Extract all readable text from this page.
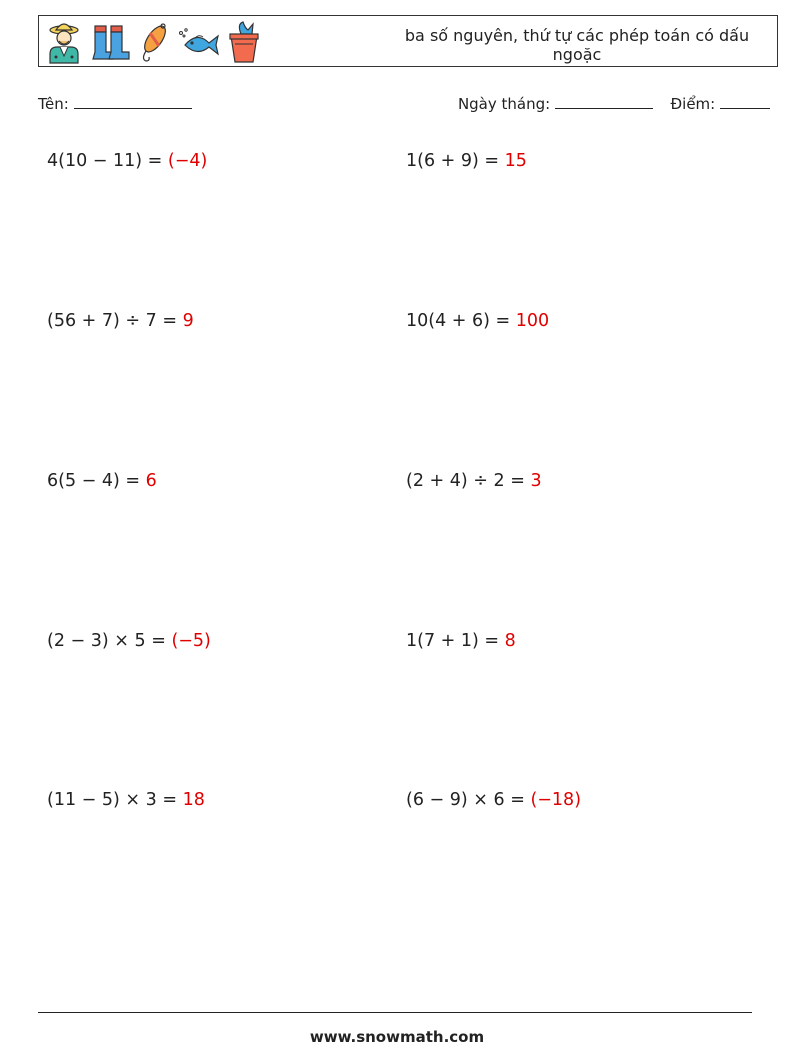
ba số nguyên, thứ tự các phép toán có dấu ngoặc
Tên:	Ngày tháng:	Điểm:
4(10 − 11) = (−4)	1(6 + 9) = 15
(56 + 7) ÷ 7 = 9	10(4 + 6) = 100
6(5 − 4) = 6	(2 + 4) ÷ 2 = 3
(2 − 3) × 5 = (−5)	1(7 + 1) = 8
(11 − 5) × 3 = 18	(6 − 9) × 6 = (−18)
www.snowmath.com
